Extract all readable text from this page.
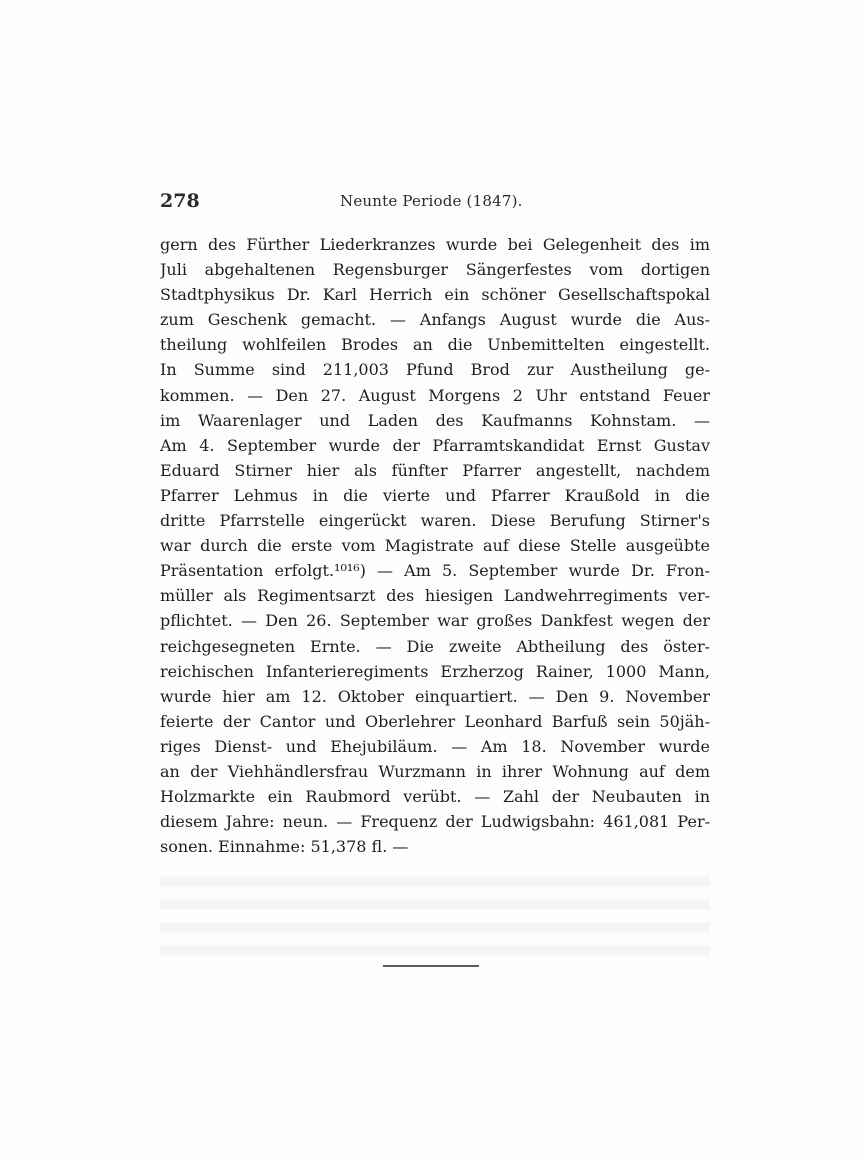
278	Neunte Periode (1847).
gern des Fürther Liederkranzes wurde bei Gelegenheit des im
Juli abgehaltenen Regensburger Sängerfestes vom dortigen
Stadtphysikus Dr. Karl Herrich ein schöner Gesellschaftspokal
zum Geschenk gemacht. — Anfangs August wurde die Aus-
theilung wohlfeilen Brodes an die Unbemittelten eingestellt.
In Summe sind 211,003 Pfund Brod zur Austheilung ge-
kommen. — Den 27. August Morgens 2 Uhr entstand Feuer
im Waarenlager und Laden des Kaufmanns Kohnstam. —
Am 4. September wurde der Pfarramtskandidat Ernst Gustav
Eduard Stirner hier als fünfter Pfarrer angestellt, nachdem
Pfarrer Lehmus in die vierte und Pfarrer Kraußold in die
dritte Pfarrstelle eingerückt waren. Diese Berufung Stirner's
war durch die erste vom Magistrate auf diese Stelle ausgeübte
Präsentation erfolgt.¹⁰¹⁶) — Am 5. September wurde Dr. Fron-
müller als Regimentsarzt des hiesigen Landwehrregiments ver-
pflichtet. — Den 26. September war großes Dankfest wegen der
reichgesegneten Ernte. — Die zweite Abtheilung des öster-
reichischen Infanterieregiments Erzherzog Rainer, 1000 Mann,
wurde hier am 12. Oktober einquartiert. — Den 9. November
feierte der Cantor und Oberlehrer Leonhard Barfuß sein 50jäh-
riges Dienst- und Ehejubiläum. — Am 18. November wurde
an der Viehhändlersfrau Wurzmann in ihrer Wohnung auf dem
Holzmarkte ein Raubmord verübt. — Zahl der Neubauten in
diesem Jahre: neun. — Frequenz der Ludwigsbahn: 461,081 Per-
sonen. Einnahme: 51,378 fl. —
